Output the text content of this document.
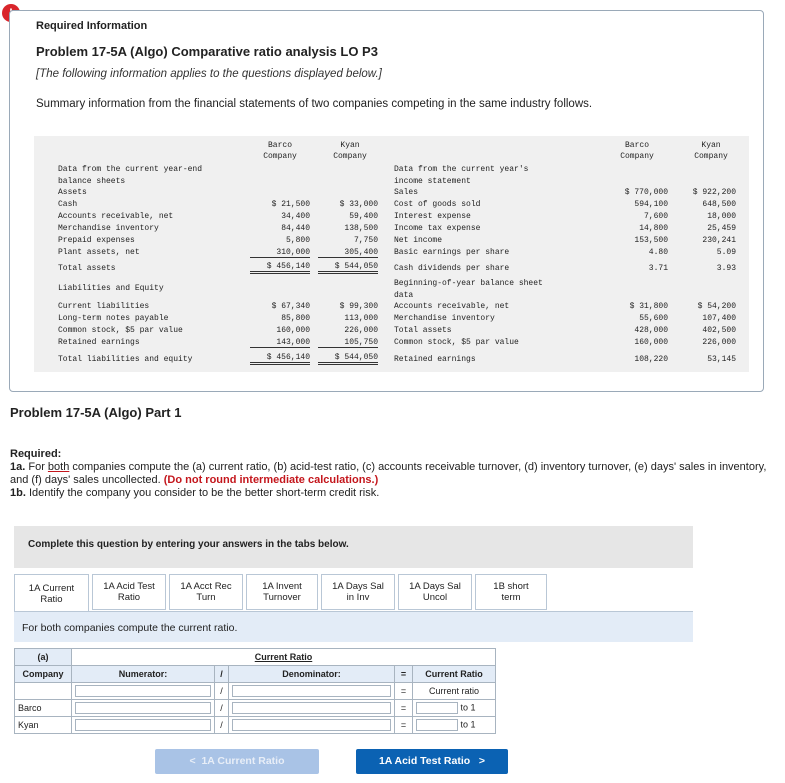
Required Information
Problem 17-5A (Algo) Comparative ratio analysis LO P3
[The following information applies to the questions displayed below.]
Summary information from the financial statements of two companies competing in the same industry follows.
Barco
Company
Kyan
Company
Data from the current year-end
balance sheets
Assets
Cash	$ 21,500	$ 33,000
Accounts receivable, net	34,400	59,400
Merchandise inventory	84,440	138,500
Prepaid expenses	5,800	7,750
Plant assets, net	310,000	305,400
Total assets	$ 456,140	$ 544,050
Liabilities and Equity
Current liabilities	$ 67,340	$ 99,300
Long-term notes payable	85,800	113,000
Common stock, $5 par value	160,000	226,000
Retained earnings	143,000	105,750
Total liabilities and equity	$ 456,140	$ 544,050
Barco
Company
Kyan
Company
Data from the current year's
income statement
Sales	$ 770,000	$ 922,200
Cost of goods sold	594,100	648,500
Interest expense	7,600	18,000
Income tax expense	14,800	25,459
Net income	153,500	230,241
Basic earnings per share	4.80	5.09
Cash dividends per share	3.71	3.93
Beginning-of-year balance sheet
data
Accounts receivable, net	$ 31,800	$ 54,200
Merchandise inventory	55,600	107,400
Total assets	428,000	402,500
Common stock, $5 par value	160,000	226,000
Retained earnings	108,220	53,145
Problem 17-5A (Algo) Part 1
Required:
1a. For both companies compute the (a) current ratio, (b) acid-test ratio, (c) accounts receivable turnover, (d) inventory turnover, (e) days' sales in inventory, and (f) days' sales uncollected. (Do not round intermediate calculations.)
1b. Identify the company you consider to be the better short-term credit risk.
Complete this question by entering your answers in the tabs below.
1A Current
Ratio
1A Acid Test
Ratio
1A Acct Rec
Turn
1A Invent
Turnover
1A Days Sal
in Inv
1A Days Sal
Uncol
1B short
term
For both companies compute the current ratio.
(a)	Current Ratio				
Company	Numerator:	/	Denominator:	=	Current Ratio

	/		=	Current ratio
Barco		/		=	to 1
Kyan		/		=	to 1
< 1A Current Ratio	1A Acid Test Ratio >
